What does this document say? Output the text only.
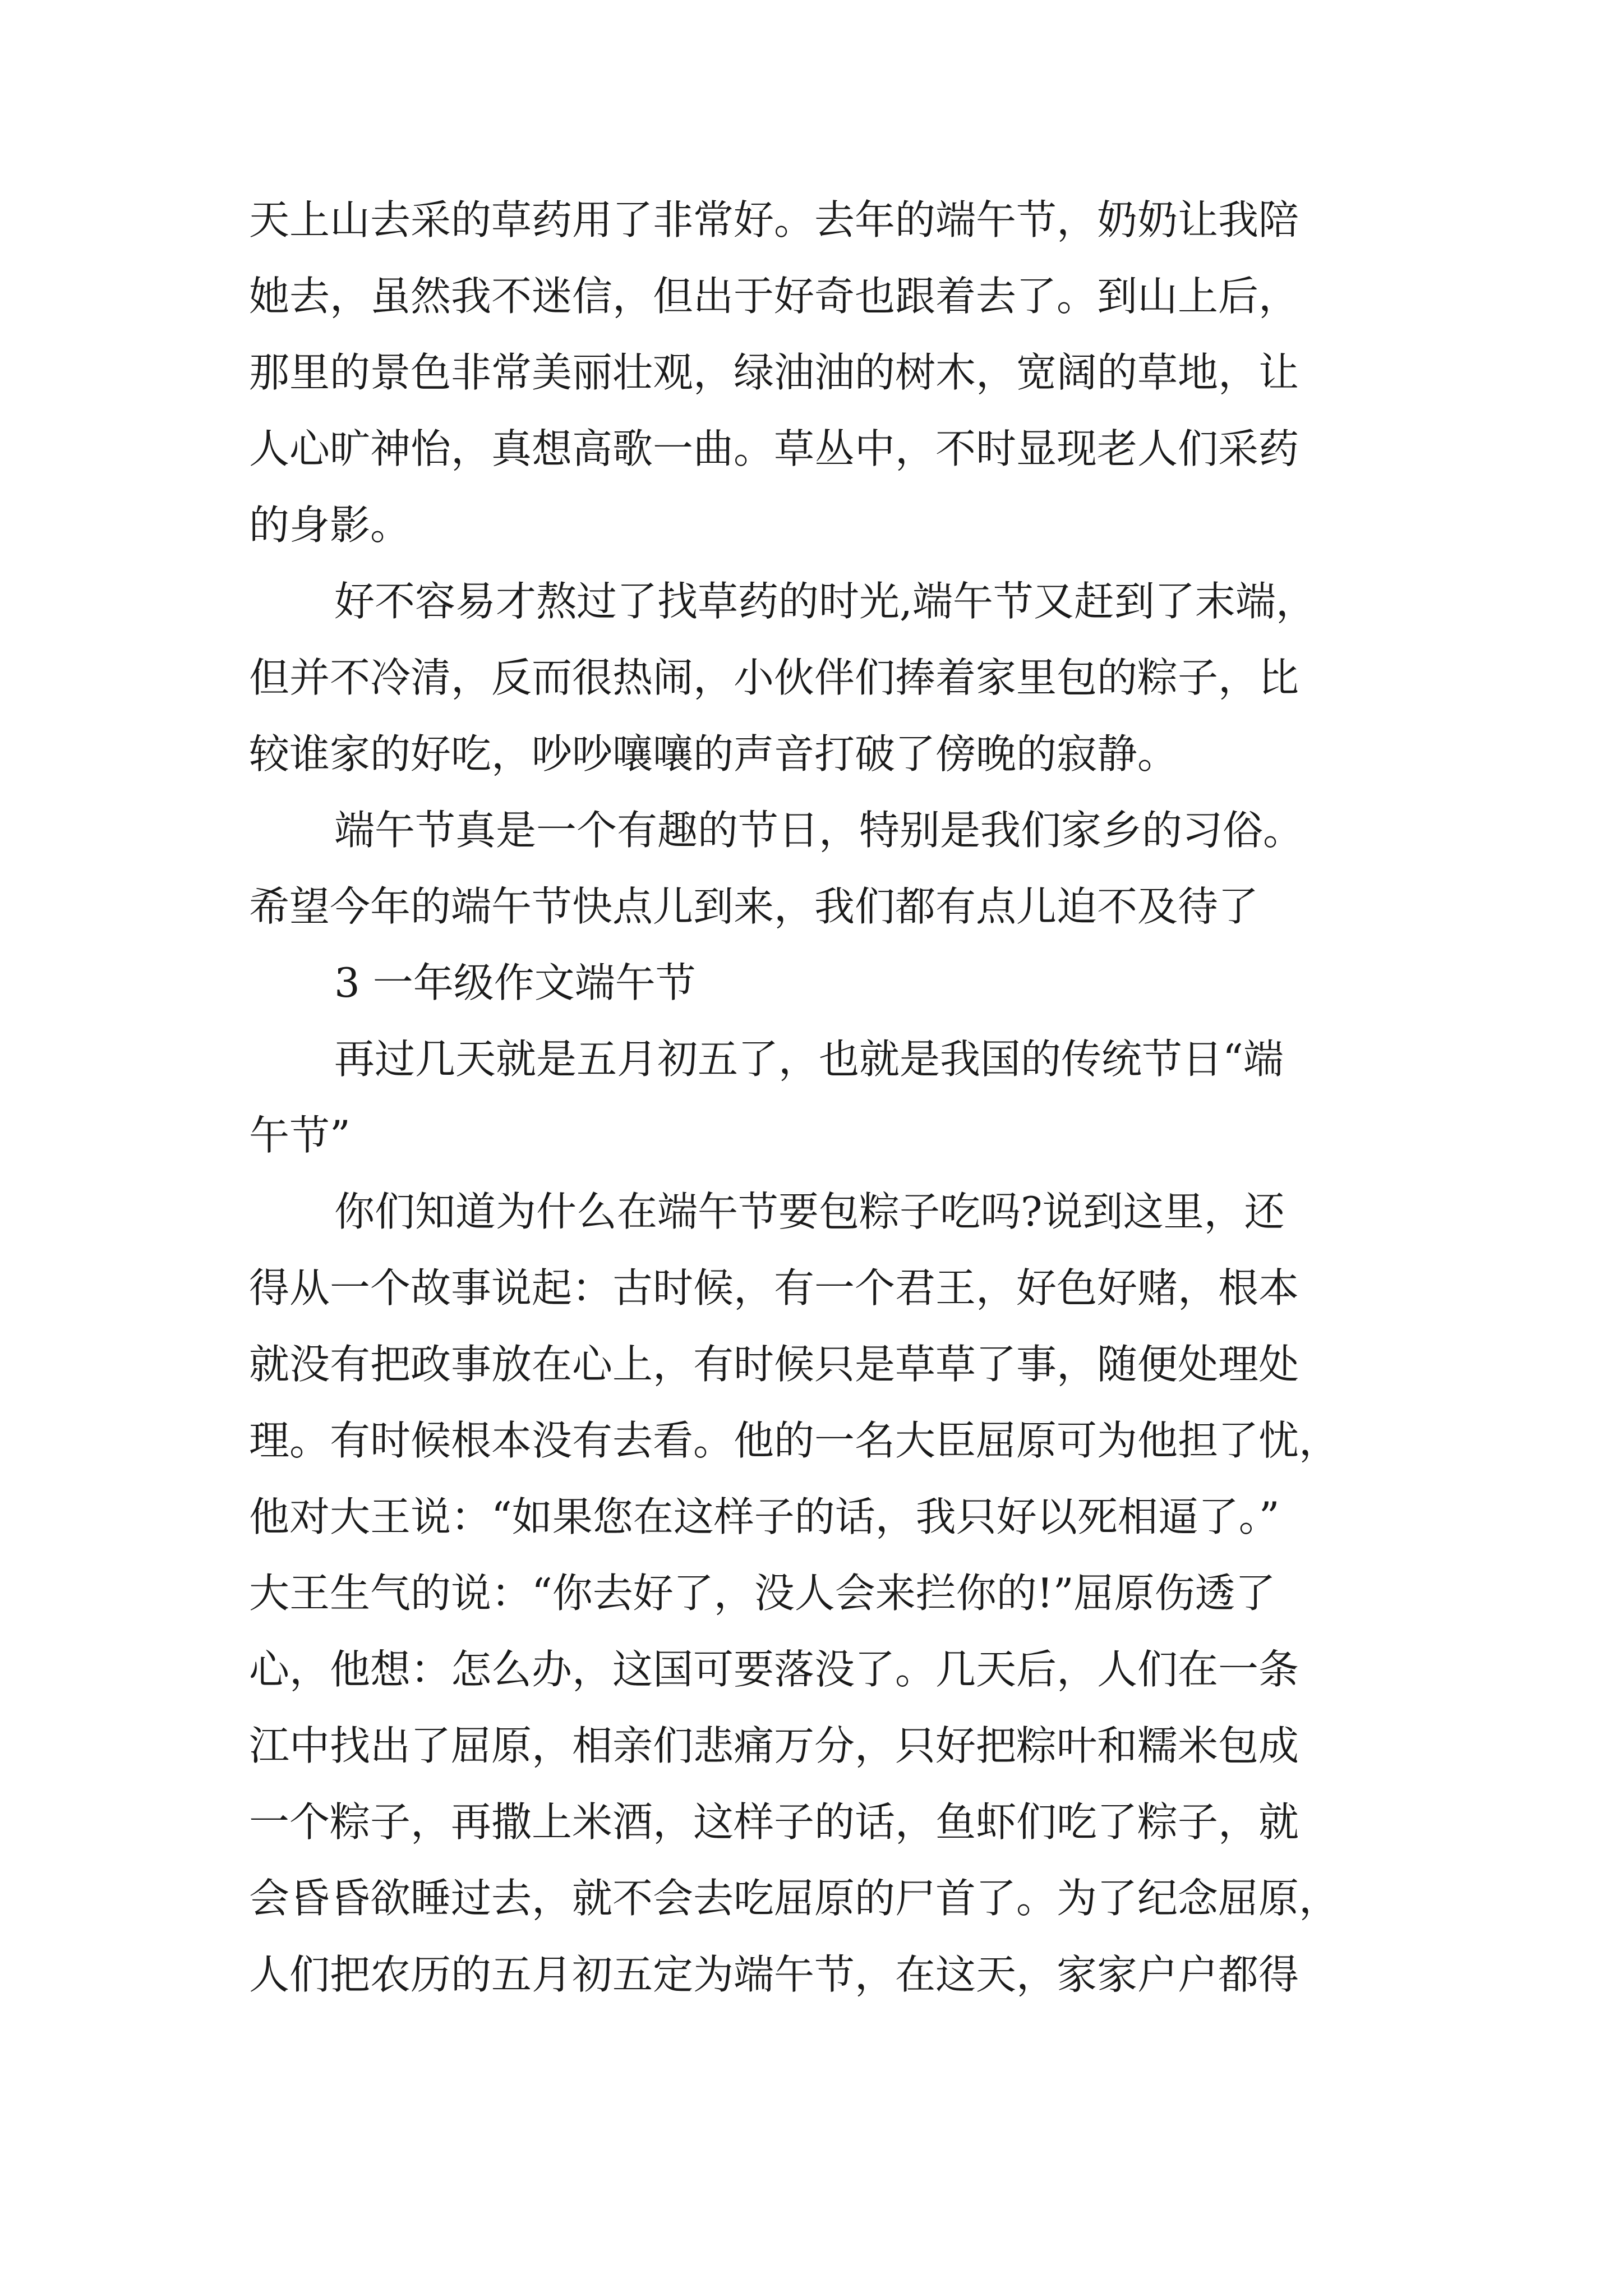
天上山去采的草药用了非常好。去年的端午节，奶奶让我陪
她去，虽然我不迷信，但出于好奇也跟着去了。到山上后，
那里的景色非常美丽壮观，绿油油的树木，宽阔的草地，让
人心旷神怡，真想高歌一曲。草丛中，不时显现老人们采药
的身影。
好不容易才熬过了找草药的时光,端午节又赶到了末端，
但并不冷清，反而很热闹，小伙伴们捧着家里包的粽子，比
较谁家的好吃，吵吵嚷嚷的声音打破了傍晚的寂静。
端午节真是一个有趣的节日，特别是我们家乡的习俗。
希望今年的端午节快点儿到来，我们都有点儿迫不及待了
3 一年级作文端午节
再过几天就是五月初五了，也就是我国的传统节日“端
午节”
你们知道为什么在端午节要包粽子吃吗?说到这里，还
得从一个故事说起：古时候，有一个君王，好色好赌，根本
就没有把政事放在心上，有时候只是草草了事，随便处理处
理。有时候根本没有去看。他的一名大臣屈原可为他担了忧，
他对大王说：“如果您在这样子的话，我只好以死相逼了。”
大王生气的说：“你去好了，没人会来拦你的!”屈原伤透了
心，他想：怎么办，这国可要落没了。几天后，人们在一条
江中找出了屈原，相亲们悲痛万分，只好把粽叶和糯米包成
一个粽子，再撒上米酒，这样子的话，鱼虾们吃了粽子，就
会昏昏欲睡过去，就不会去吃屈原的尸首了。为了纪念屈原，
人们把农历的五月初五定为端午节，在这天，家家户户都得
